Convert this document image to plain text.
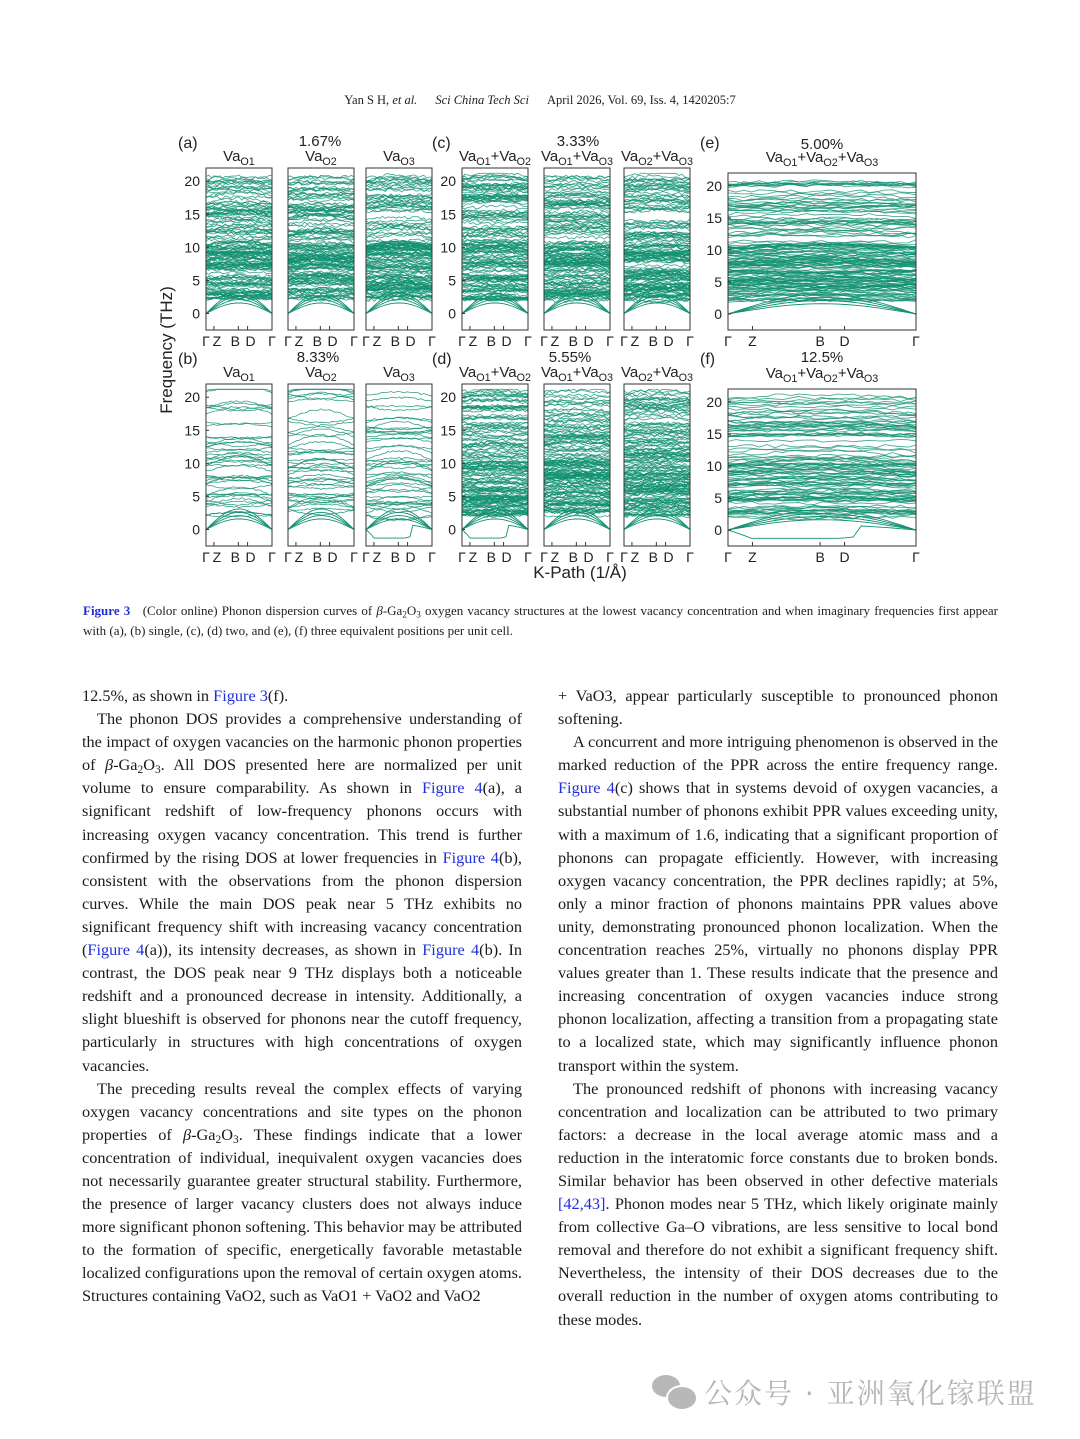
Yan S H, et al. Sci China Tech Sci April 2026, Vol. 69, Iss. 4, 1420205:7
Frequency (THz)
K-Path (1/Å)
(a)	1.67%
$Va_{O1}$
Γ Z B D Γ
$Va_{O2}$
Γ Z B D Γ
$Va_{O3}$
Γ Z B D Γ
0
5
10
15
20
(b)	8.33%
$Va_{O1}$
Γ Z B D Γ
$Va_{O2}$
Γ Z B D Γ
$Va_{O3}$
Γ Z B D Γ
0
5
10
15
20
(c)	3.33%
$Va_{O1}+Va_{O2}$
Γ Z B D Γ
$Va_{O1}+Va_{O3}$
Γ Z B D Γ
$Va_{O2}+Va_{O3}$
Γ Z B D Γ
0
5
10
15
20
(d)	5.55%
$Va_{O1}+Va_{O2}$
Γ Z B D Γ
$Va_{O1}+Va_{O3}$
Γ Z B D Γ
$Va_{O2}+Va_{O3}$
Γ Z B D Γ
0
5
10
15
20
(e)	5.00%
$Va_{O1}+Va_{O2}+Va_{O3}$
Γ Z	B D	Γ
0
5
10
15
20
(f)	12.5%
$Va_{O1}+Va_{O2}+Va_{O3}$
Γ Z	B D	Γ
0
5
10
15
20
Figure 3 (Color online) Phonon dispersion curves of $\beta-Ga_2O_3$ oxygen vacancy structures at the lowest vacancy concentration and when imaginary frequencies first appear with (a), (b) single, (c), (d) two, and (e), (f) three equivalent positions per unit cell.

12.5%, as shown in Figure 3(f).

The phonon DOS provides a comprehensive understanding of the impact of oxygen vacancies on the harmonic phonon properties of $\beta-Ga_2O_3$. All DOS presented here are normalized per unit volume to ensure comparability. As shown in Figure 4(a), a significant redshift of low-frequency phonons occurs with increasing oxygen vacancy concentration. This trend is further confirmed by the rising DOS at lower frequencies in Figure 4(b), consistent with the observations from the phonon dispersion curves. While the main DOS peak near 5 THz exhibits no significant frequency shift with increasing vacancy concentration (Figure 4(a)), its intensity decreases, as shown in Figure 4(b). In contrast, the DOS peak near 9 THz displays both a noticeable redshift and a pronounced decrease in intensity. Additionally, a slight blueshift is observed for phonons near the cutoff frequency, particularly in structures with high concentrations of oxygen vacancies.

The preceding results reveal the complex effects of varying oxygen vacancy concentrations and site types on the phonon properties of $\beta-Ga_2O_3$. These findings indicate that a lower concentration of individual, inequivalent oxygen vacancies does not necessarily guarantee greater structural stability. Furthermore, the presence of larger vacancy clusters does not always induce more significant phonon softening. This behavior may be attributed to the formation of specific, energetically favorable metastable localized configurations upon the removal of certain oxygen atoms. Structures containing VaO2, such as VaO1 + VaO2 and VaO2

+ VaO3, appear particularly susceptible to pronounced phonon softening.

A concurrent and more intriguing phenomenon is observed in the marked reduction of the PPR across the entire frequency range. Figure 4(c) shows that in systems devoid of oxygen vacancies, a substantial number of phonons exhibit PPR values exceeding unity, with a maximum of 1.6, indicating that a significant proportion of phonons can propagate efficiently. However, with increasing oxygen vacancy concentration, the PPR declines rapidly; at 5%, only a minor fraction of phonons maintains PPR values above unity, demonstrating pronounced phonon localization. When the concentration reaches 25%, virtually no phonons display PPR values greater than 1. These results indicate that the presence and increasing concentration of oxygen vacancies induce strong phonon localization, affecting a transition from a propagating state to a localized state, which may significantly influence phonon transport within the system.

The pronounced redshift of phonons with increasing vacancy concentration and localization can be attributed to two primary factors: a decrease in the local average atomic mass and a reduction in the interatomic force constants due to broken bonds. Similar behavior has been observed in other defective materials [42,43]. Phonon modes near 5 THz, which likely originate mainly from collective Ga–O vibrations, are less sensitive to local bond removal and therefore do not exhibit a significant frequency shift. Nevertheless, the intensity of their DOS decreases due to the overall reduction in the number of oxygen atoms contributing to these modes.

公众号 · 亚洲氧化镓联盟
